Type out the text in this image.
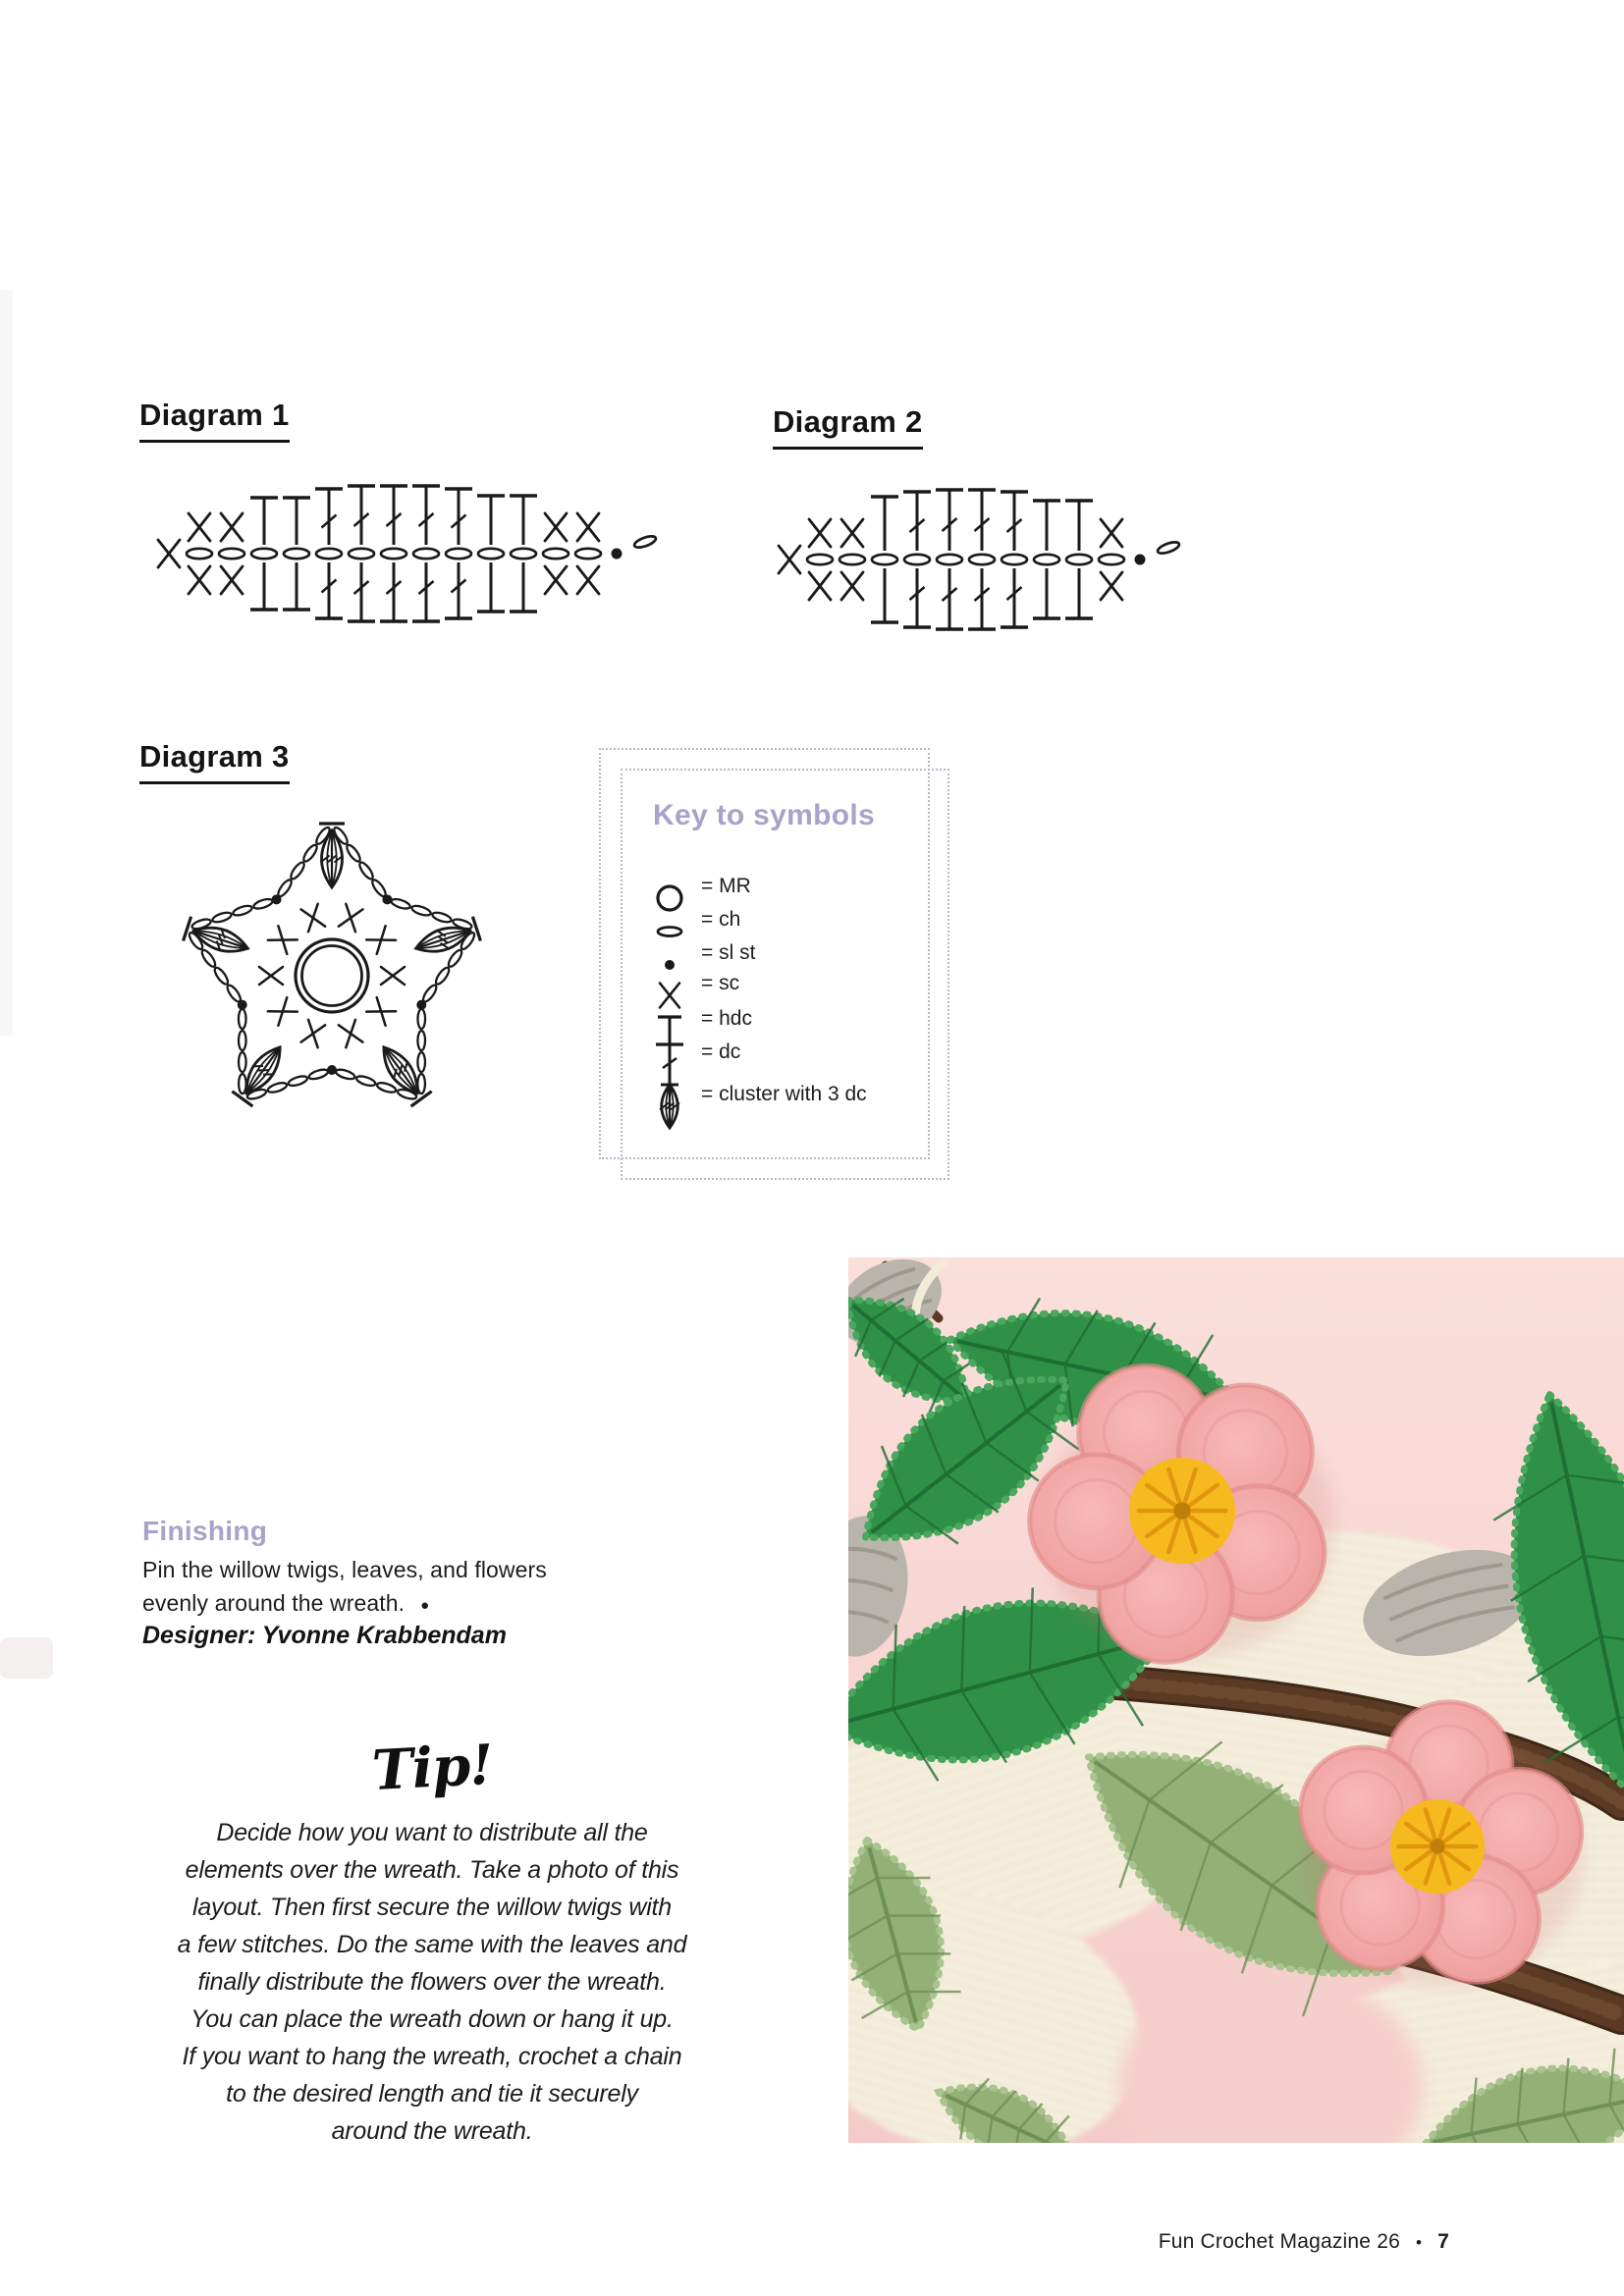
Diagram 1	Diagram 2
Diagram 3
Key to symbols
= MR
= ch
= sl st
= sc
= hdc
= dc
= cluster with 3 dc
Finishing
Pin the willow twigs, leaves, and flowers
evenly around the wreath. ●
Designer: Yvonne Krabbendam
Tip!
Decide how you want to distribute all the
elements over the wreath. Take a photo of this
layout. Then first secure the willow twigs with
a few stitches. Do the same with the leaves and
finally distribute the flowers over the wreath.
You can place the wreath down or hang it up.
If you want to hang the wreath, crochet a chain
to the desired length and tie it securely
around the wreath.
Fun Crochet Magazine 26 • 7
